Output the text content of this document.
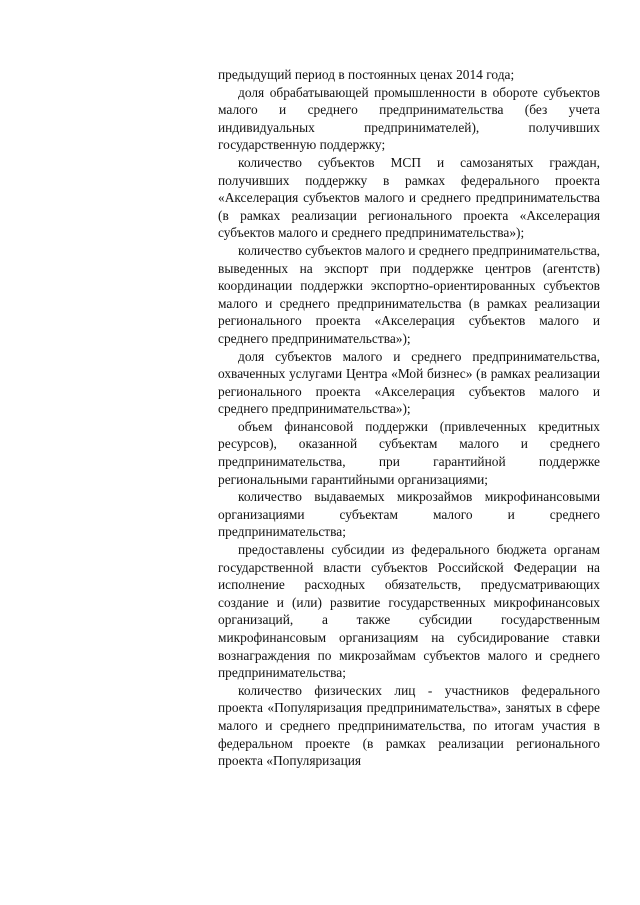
предыдущий период в постоянных ценах 2014 года;

доля обрабатывающей промышленности в обороте субъектов малого и среднего предпринимательства (без учета индивидуальных предпринимателей), получивших государственную поддержку;

количество субъектов МСП и самозанятых граждан, получивших поддержку в рамках федерального проекта «Акселерация субъектов малого и среднего предпринимательства (в рамках реализации регионального проекта «Акселерация субъектов малого и среднего предпринимательства»);

количество субъектов малого и среднего предпринимательства, выведенных на экспорт при поддержке центров (агентств) координации поддержки экспортно-ориентированных субъектов малого и среднего предпринимательства (в рамках реализации регионального проекта «Акселерация субъектов малого и среднего предпринимательства»);

доля субъектов малого и среднего предпринимательства, охваченных услугами Центра «Мой бизнес» (в рамках реализации регионального проекта «Акселерация субъектов малого и среднего предпринимательства»);

объем финансовой поддержки (привлеченных кредитных ресурсов), оказанной субъектам малого и среднего предпринимательства, при гарантийной поддержке региональными гарантийными организациями;

количество выдаваемых микрозаймов микрофинансовыми организациями субъектам малого и среднего предпринимательства;

предоставлены субсидии из федерального бюджета органам государственной власти субъектов Российской Федерации на исполнение расходных обязательств, предусматривающих создание и (или) развитие государственных микрофинансовых организаций, а также субсидии государственным микрофинансовым организациям на субсидирование ставки вознаграждения по микрозаймам субъектов малого и среднего предпринимательства;

количество физических лиц - участников федерального проекта «Популяризация предпринимательства», занятых в сфере малого и среднего предпринимательства, по итогам участия в федеральном проекте (в рамках реализации регионального проекта «Популяризация
